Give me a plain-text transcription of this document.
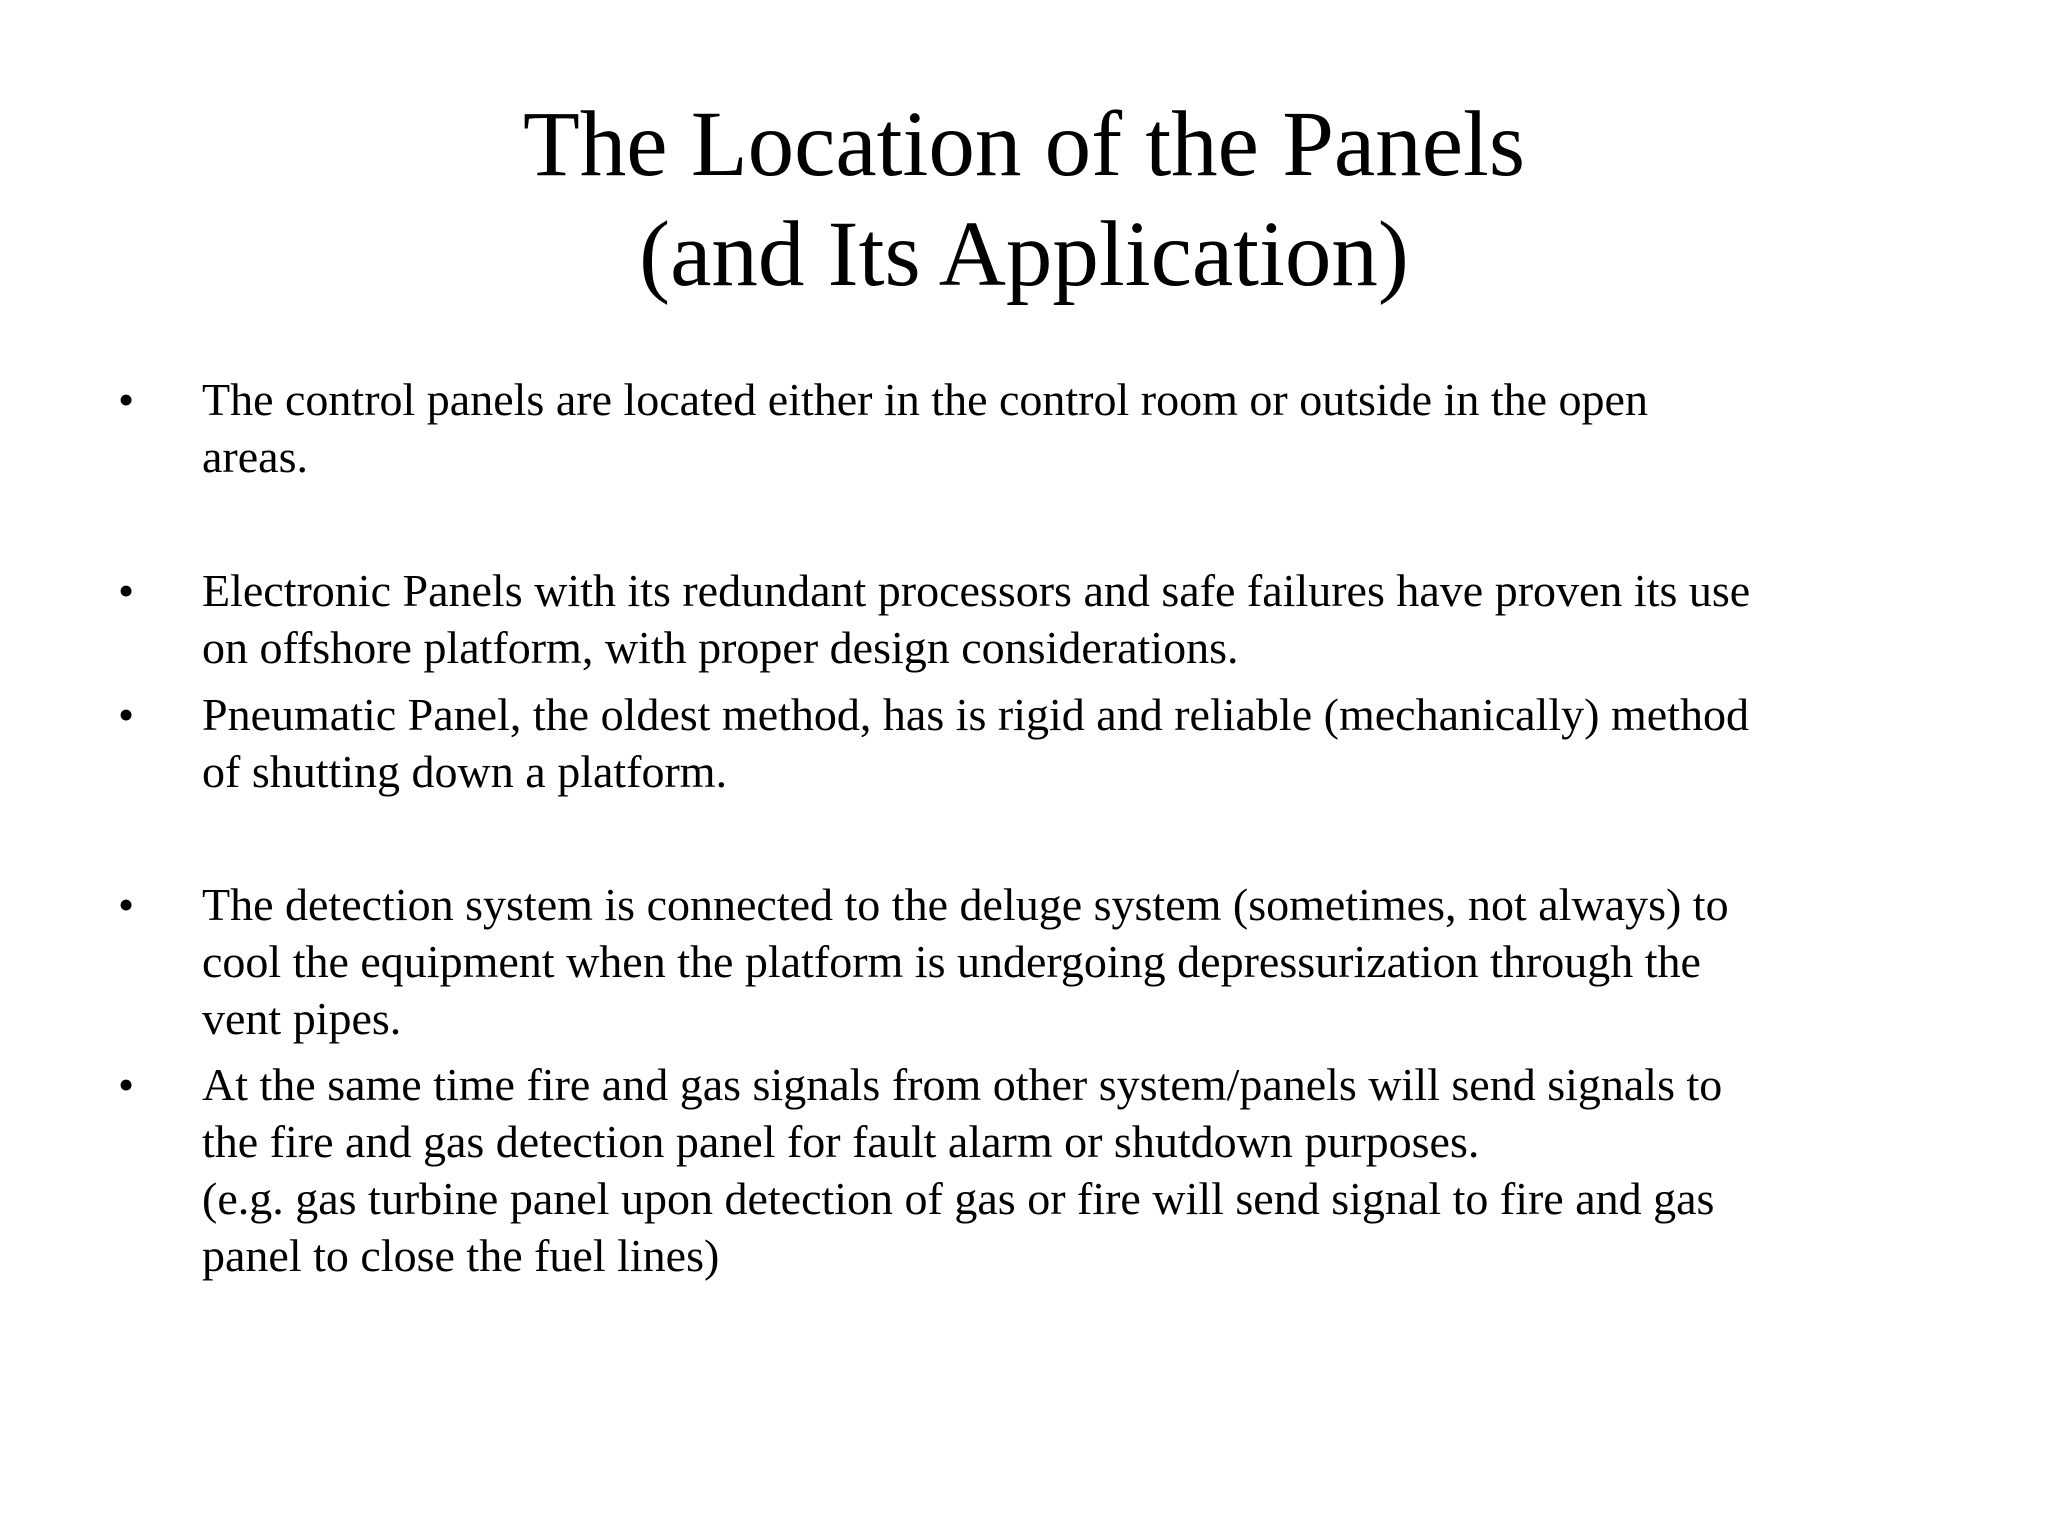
The Location of the Panels
(and Its Application)
• The control panels are located either in the control room or outside in the open
areas.
• Electronic Panels with its redundant processors and safe failures have proven its use
on offshore platform, with proper design considerations.
• Pneumatic Panel, the oldest method, has is rigid and reliable (mechanically) method
of shutting down a platform.
• The detection system is connected to the deluge system (sometimes, not always) to
cool the equipment when the platform is undergoing depressurization through the
vent pipes.
• At the same time fire and gas signals from other system/panels will send signals to
the fire and gas detection panel for fault alarm or shutdown purposes.
(e.g. gas turbine panel upon detection of gas or fire will send signal to fire and gas
panel to close the fuel lines)
